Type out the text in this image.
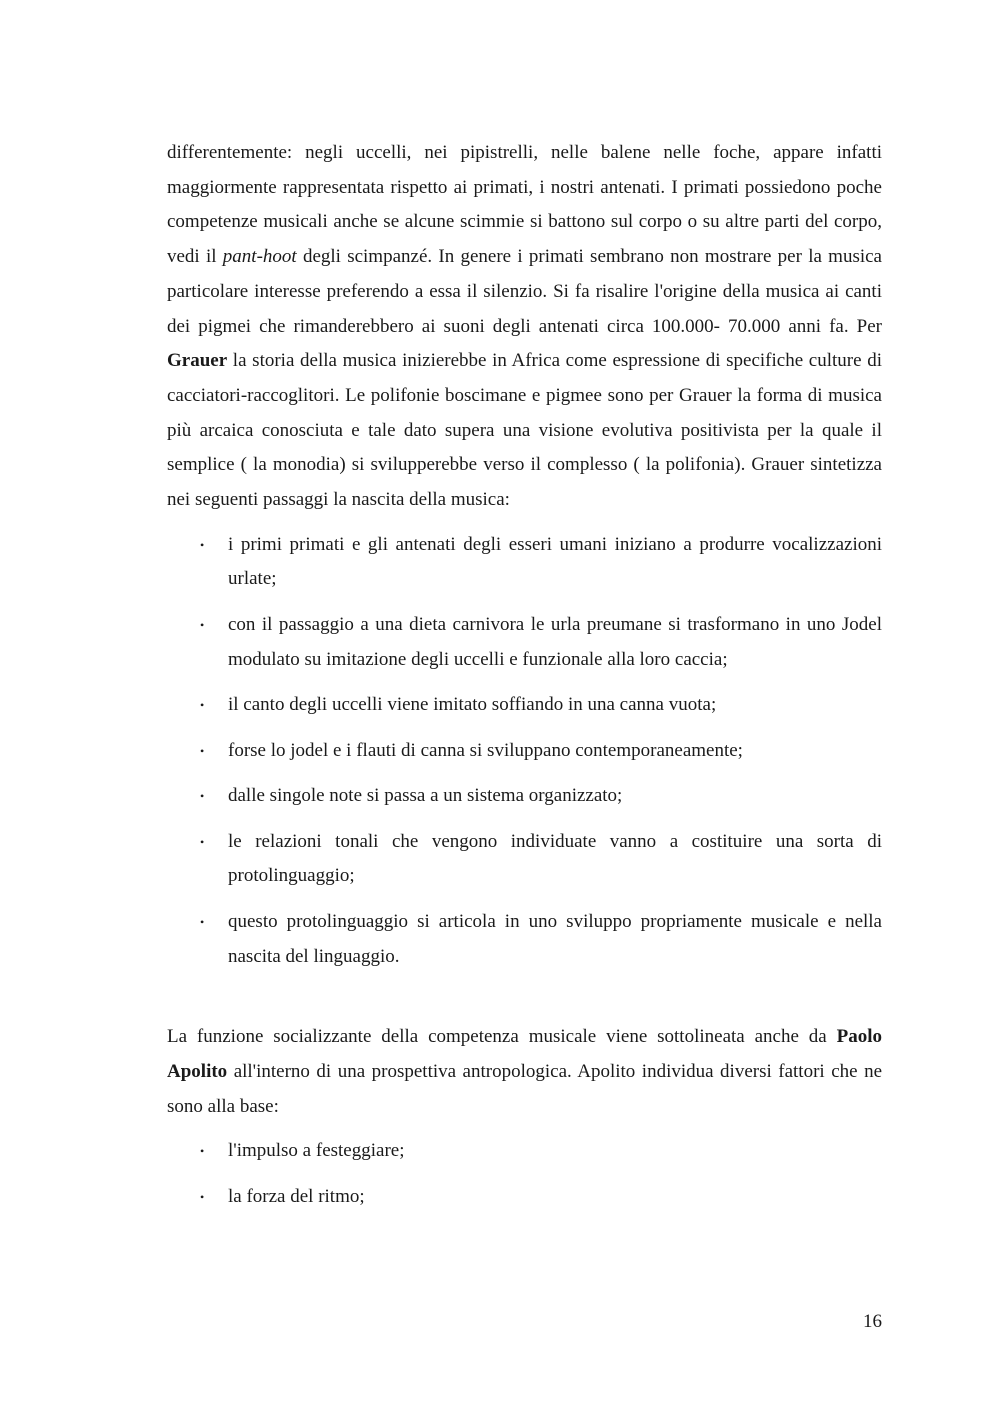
differentemente: negli uccelli, nei pipistrelli, nelle balene nelle foche, appare infatti maggiormente rappresentata rispetto ai primati, i nostri antenati. I primati possiedono poche competenze musicali anche se alcune scimmie si battono sul corpo o su altre parti del corpo, vedi il pant-hoot degli scimpanzé. In genere i primati sembrano non mostrare per la musica particolare interesse preferendo a essa il silenzio. Si fa risalire l'origine della musica ai canti dei pigmei che rimanderebbero ai suoni degli antenati circa 100.000- 70.000 anni fa. Per Grauer la storia della musica inizierebbe in Africa come espressione di specifiche culture di cacciatori-raccoglitori. Le polifonie boscimane e pigmee sono per Grauer la forma di musica più arcaica conosciuta e tale dato supera una visione evolutiva positivista per la quale il semplice ( la monodia) si svilupperebbe verso il complesso ( la polifonia). Grauer sintetizza nei seguenti passaggi la nascita della musica:

• i primi primati e gli antenati degli esseri umani iniziano a produrre vocalizzazioni urlate;
• con il passaggio a una dieta carnivora le urla preumane si trasformano in uno Jodel modulato su imitazione degli uccelli e funzionale alla loro caccia;
• il canto degli uccelli viene imitato soffiando in una canna vuota;
• forse lo jodel e i flauti di canna si sviluppano contemporaneamente;
• dalle singole note si passa a un sistema organizzato;
• le relazioni tonali che vengono individuate vanno a costituire una sorta di protolinguaggio;
• questo protolinguaggio si articola in uno sviluppo propriamente musicale e nella nascita del linguaggio.

La funzione socializzante della competenza musicale viene sottolineata anche da Paolo Apolito all'interno di una prospettiva antropologica. Apolito individua diversi fattori che ne sono alla base:

• l'impulso a festeggiare;
• la forza del ritmo;
16
